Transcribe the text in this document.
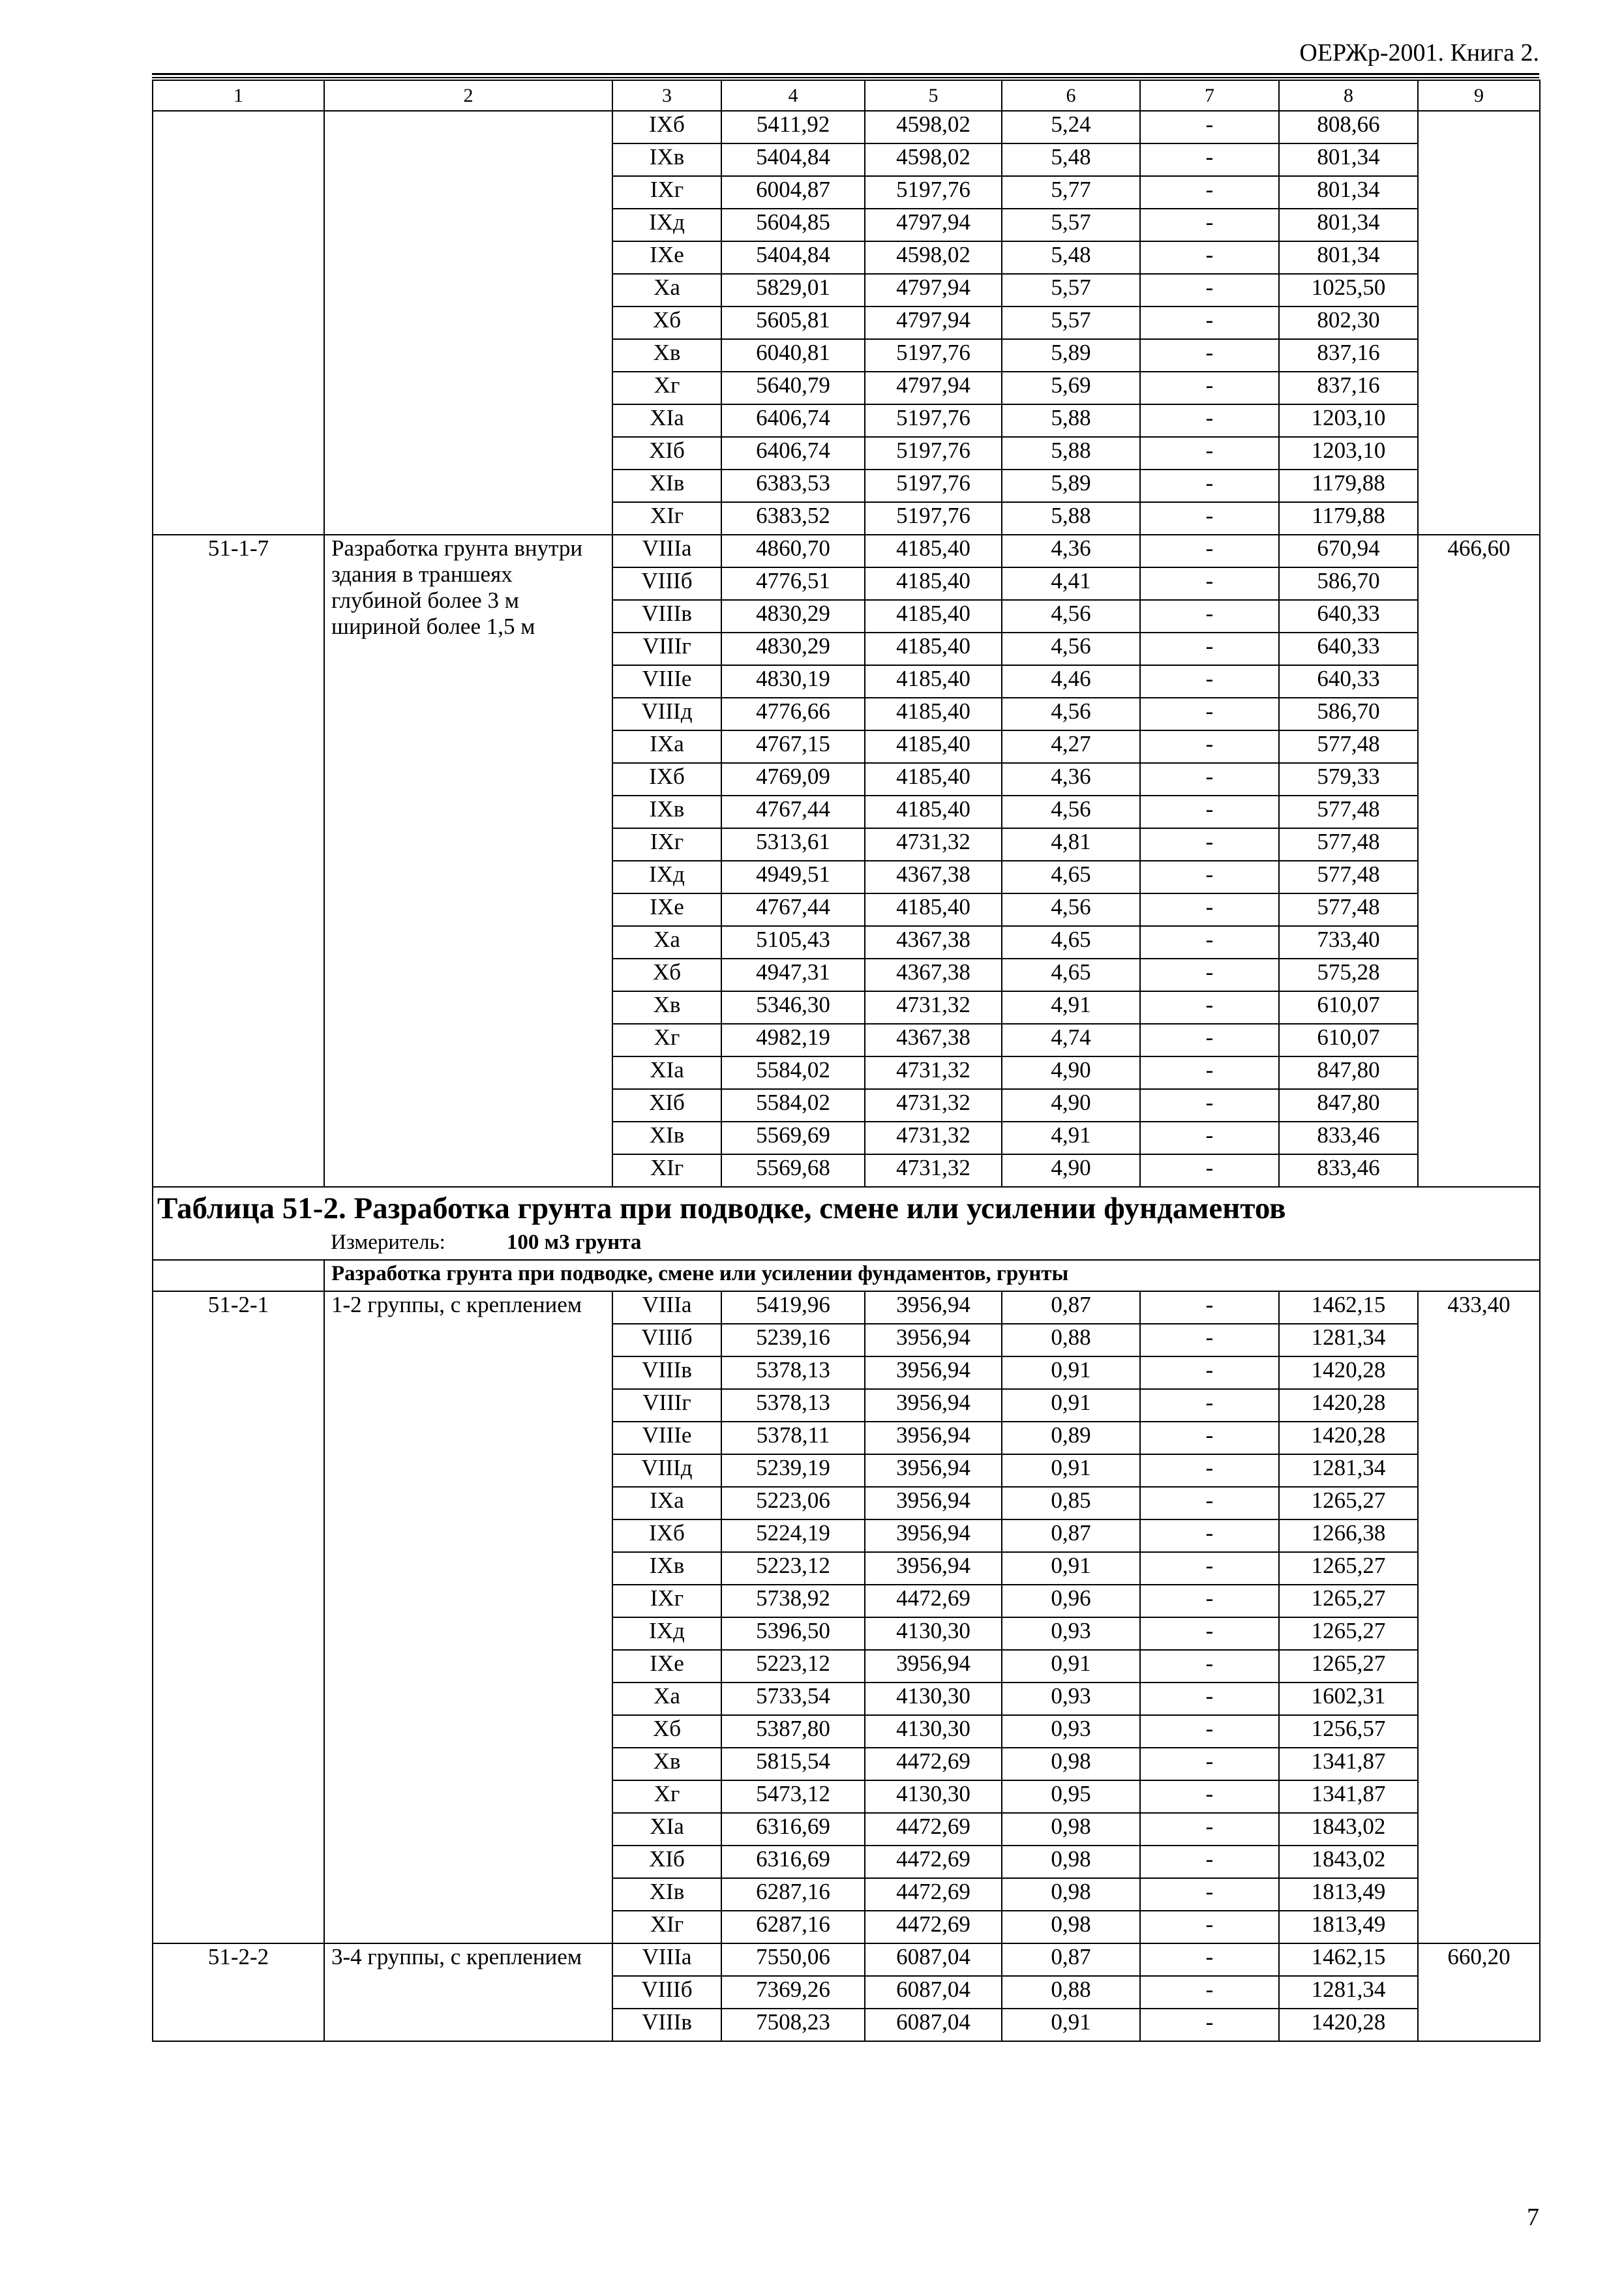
ОЕРЖр-2001. Книга 2.
1	2	3	4	5	6	7	8	9
		IXб	5411,92	4598,02	5,24	-	808,66	
		IXв	5404,84	4598,02	5,48	-	801,34	
		IXг	6004,87	5197,76	5,77	-	801,34	
		IXд	5604,85	4797,94	5,57	-	801,34	
		IXе	5404,84	4598,02	5,48	-	801,34	
		Xа	5829,01	4797,94	5,57	-	1025,50	
		Xб	5605,81	4797,94	5,57	-	802,30	
		Xв	6040,81	5197,76	5,89	-	837,16	
		Xг	5640,79	4797,94	5,69	-	837,16	
		XIа	6406,74	5197,76	5,88	-	1203,10	
		XIб	6406,74	5197,76	5,88	-	1203,10	
		XIв	6383,53	5197,76	5,89	-	1179,88	
		XIг	6383,52	5197,76	5,88	-	1179,88	
51-1-7	Разработка грунта внутри здания в траншеях глубиной более 3 м шириной более 1,5 м	VIIIа	4860,70	4185,40	4,36	-	670,94	466,60
		VIIIб	4776,51	4185,40	4,41	-	586,70	
		VIIIв	4830,29	4185,40	4,56	-	640,33	
		VIIIг	4830,29	4185,40	4,56	-	640,33	
		VIIIе	4830,19	4185,40	4,46	-	640,33	
		VIIIд	4776,66	4185,40	4,56	-	586,70	
		IXа	4767,15	4185,40	4,27	-	577,48	
		IXб	4769,09	4185,40	4,36	-	579,33	
		IXв	4767,44	4185,40	4,56	-	577,48	
		IXг	5313,61	4731,32	4,81	-	577,48	
		IXд	4949,51	4367,38	4,65	-	577,48	
		IXе	4767,44	4185,40	4,56	-	577,48	
		Xа	5105,43	4367,38	4,65	-	733,40	
		Xб	4947,31	4367,38	4,65	-	575,28	
		Xв	5346,30	4731,32	4,91	-	610,07	
		Xг	4982,19	4367,38	4,74	-	610,07	
		XIа	5584,02	4731,32	4,90	-	847,80	
		XIб	5584,02	4731,32	4,90	-	847,80	
		XIв	5569,69	4731,32	4,91	-	833,46	
		XIг	5569,68	4731,32	4,90	-	833,46	

Таблица 51-2. Разработка грунта при подводке, смене или усилении фундаментов
Измеритель: 100 м3 грунта								

	Разработка грунта при подводке, смене или усилении фундаментов, грунты							
51-2-1	1-2 группы, с креплением	VIIIа	5419,96	3956,94	0,87	-	1462,15	433,40
		VIIIб	5239,16	3956,94	0,88	-	1281,34	
		VIIIв	5378,13	3956,94	0,91	-	1420,28	
		VIIIг	5378,13	3956,94	0,91	-	1420,28	
		VIIIе	5378,11	3956,94	0,89	-	1420,28	
		VIIIд	5239,19	3956,94	0,91	-	1281,34	
		IXа	5223,06	3956,94	0,85	-	1265,27	
		IXб	5224,19	3956,94	0,87	-	1266,38	
		IXв	5223,12	3956,94	0,91	-	1265,27	
		IXг	5738,92	4472,69	0,96	-	1265,27	
		IXд	5396,50	4130,30	0,93	-	1265,27	
		IXе	5223,12	3956,94	0,91	-	1265,27	
		Xа	5733,54	4130,30	0,93	-	1602,31	
		Xб	5387,80	4130,30	0,93	-	1256,57	
		Xв	5815,54	4472,69	0,98	-	1341,87	
		Xг	5473,12	4130,30	0,95	-	1341,87	
		XIа	6316,69	4472,69	0,98	-	1843,02	
		XIб	6316,69	4472,69	0,98	-	1843,02	
		XIв	6287,16	4472,69	0,98	-	1813,49	
		XIг	6287,16	4472,69	0,98	-	1813,49	
51-2-2	3-4 группы, с креплением	VIIIа	7550,06	6087,04	0,87	-	1462,15	660,20
		VIIIб	7369,26	6087,04	0,88	-	1281,34	
		VIIIв	7508,23	6087,04	0,91	-	1420,28	
7
